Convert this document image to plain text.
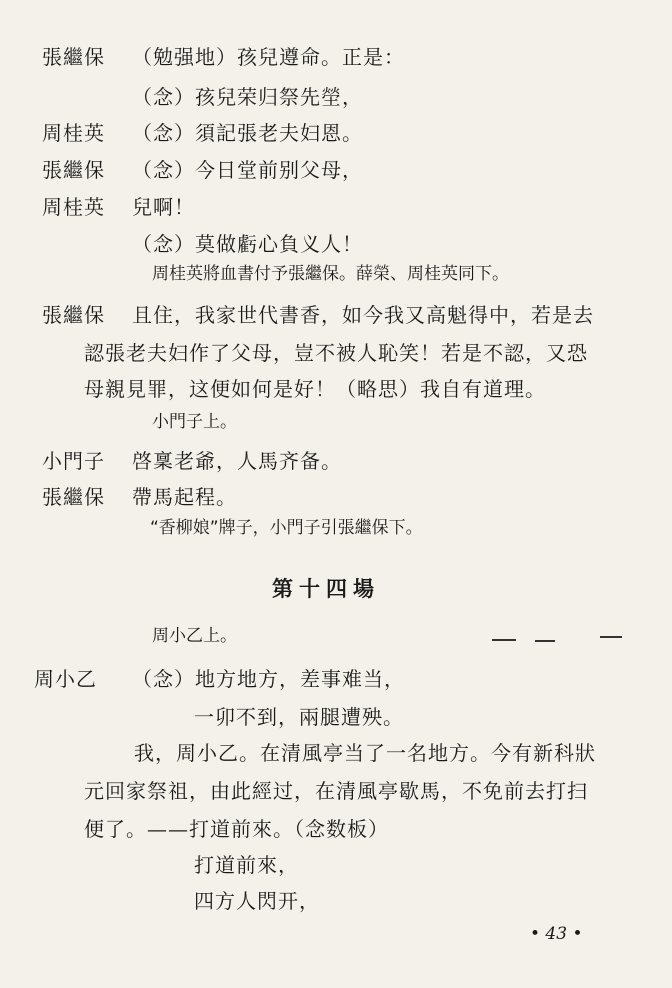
張繼保 （勉强地）孩兒遵命。正是：
（念）孩兒荣归祭先塋，
周桂英 （念）須記張老夫妇恩。
張繼保 （念）今日堂前别父母，
周桂英 兒啊！
（念）莫做虧心負义人！
周桂英將血書付予張繼保。薛榮、周桂英同下。
張繼保 且住，我家世代書香，如今我又高魁得中，若是去
認張老夫妇作了父母，豈不被人恥笑！若是不認，又恐
母親見罪，这便如何是好！（略思）我自有道理。
小門子上。
小門子 啓稟老爺，人馬齐备。
張繼保 帶馬起程。
“香柳娘”牌子，小門子引張繼保下。
第十四場
周小乙上。
周小乙 （念）地方地方，差事难当，
一卯不到，兩腿遭殃。
我，周小乙。在清風亭当了一名地方。今有新科狀
元回家祭祖，由此經过，在清風亭歇馬，不免前去打扫
便了。——打道前來。（念数板）
打道前來，
四方人閃开，
• 43 •
